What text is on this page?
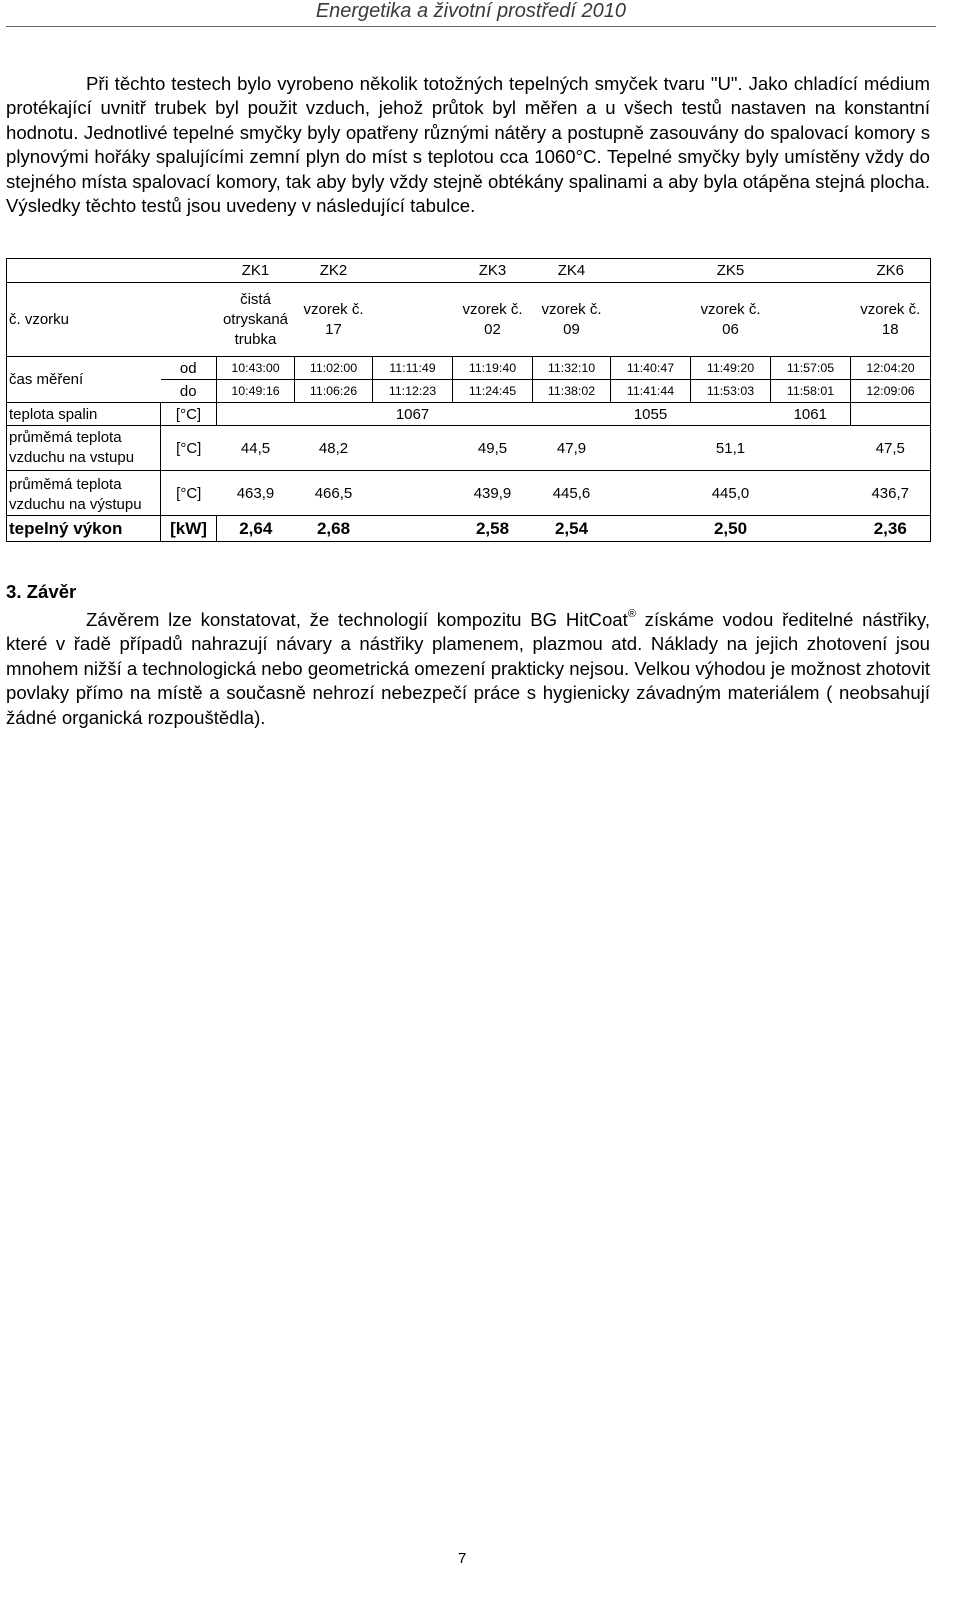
Energetika a životní prostředí 2010

Při těchto testech bylo vyrobeno několik totožných tepelných smyček tvaru "U". Jako chladící médium protékající uvnitř trubek byl použit vzduch, jehož průtok byl měřen a u všech testů nastaven na konstantní hodnotu. Jednotlivé tepelné smyčky byly opatřeny různými nátěry a postupně zasouvány do spalovací komory s plynovými hořáky spalujícími zemní plyn do míst s teplotou cca 1060°C. Tepelné smyčky byly umístěny vždy do stejného místa spalovací komory, tak aby byly vždy stejně obtékány spalinami a aby byla otápěna stejná plocha. Výsledky těchto testů jsou uvedeny v následující tabulce.

		ZK1	ZK2		ZK3	ZK4		ZK5		ZK6
č. vzorku		čistá otryskaná trubka	vzorek č. 17		vzorek č. 02	vzorek č. 09		vzorek č. 06		vzorek č. 18
čas měření	od	10:43:00	11:02:00	11:11:49	11:19:40	11:32:10	11:40:47	11:49:20	11:57:05	12:04:20
	do	10:49:16	11:06:26	11:12:23	11:24:45	11:38:02	11:41:44	11:53:03	11:58:01	12:09:06
teplota spalin	[°C]			1067			1055		1061	
průměmá teplota vzduchu na vstupu	[°C]	44,5	48,2		49,5	47,9		51,1		47,5
průměmá teplota vzduchu na výstupu	[°C]	463,9	466,5		439,9	445,6		445,0		436,7
tepelný výkon	[kW]	2,64	2,68		2,58	2,54		2,50		2,36
3. Závěr

Závěrem lze konstatovat, že technologií kompozitu BG HitCoat® získáme vodou ředitelné nástřiky, které v řadě případů nahrazují návary a nástřiky plamenem, plazmou atd. Náklady na jejich zhotovení jsou mnohem nižší a technologická nebo geometrická omezení prakticky nejsou. Velkou výhodou je možnost zhotovit povlaky přímo na místě a současně nehrozí nebezpečí práce s hygienicky závadným materiálem ( neobsahují žádné organická rozpouštědla).

7
